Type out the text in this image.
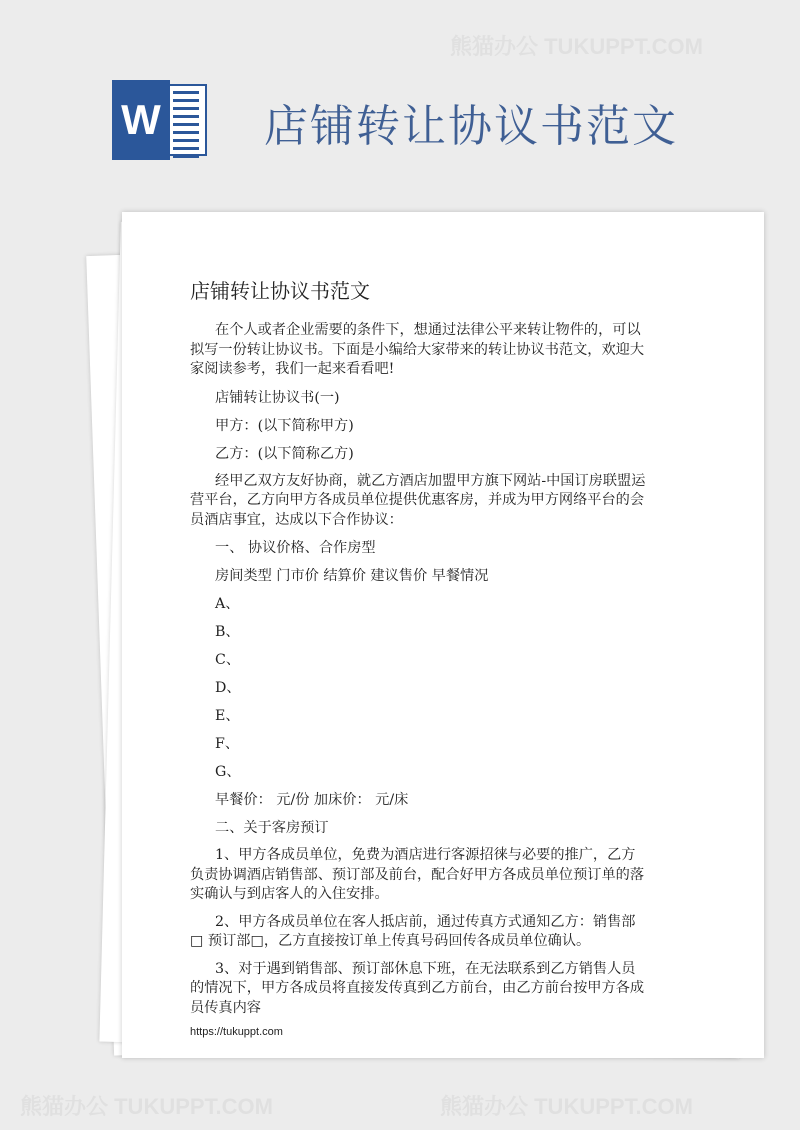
熊猫办公 TUKUPPT.COM
熊猫办公 TUKUPPT.COM	熊猫办公 TUKUPPT.COM
W 店铺转让协议书范文
店铺转让协议书范文
在个人或者企业需要的条件下，想通过法律公平来转让物件的，可以拟写一份转让协议书。下面是小编给大家带来的转让协议书范文，欢迎大家阅读参考，我们一起来看看吧!
店铺转让协议书(一)
甲方：(以下简称甲方)
乙方：(以下简称乙方)
经甲乙双方友好协商，就乙方酒店加盟甲方旗下网站-中国订房联盟运营平台，乙方向甲方各成员单位提供优惠客房，并成为甲方网络平台的会员酒店事宜，达成以下合作协议：
一、 协议价格、合作房型
房间类型 门市价 结算价 建议售价 早餐情况
A、
B、
C、
D、
E、
F、
G、
早餐价： 元/份 加床价： 元/床
二、关于客房预订
1、甲方各成员单位，免费为酒店进行客源招徕与必要的推广，乙方负责协调酒店销售部、预订部及前台，配合好甲方各成员单位预订单的落实确认与到店客人的入住安排。
2、甲方各成员单位在客人抵店前，通过传真方式通知乙方：销售部□ 预订部□，乙方直接按订单上传真号码回传各成员单位确认。
3、对于遇到销售部、预订部休息下班，在无法联系到乙方销售人员的情况下，甲方各成员将直接发传真到乙方前台，由乙方前台按甲方各成员传真内容
https://tukuppt.com
